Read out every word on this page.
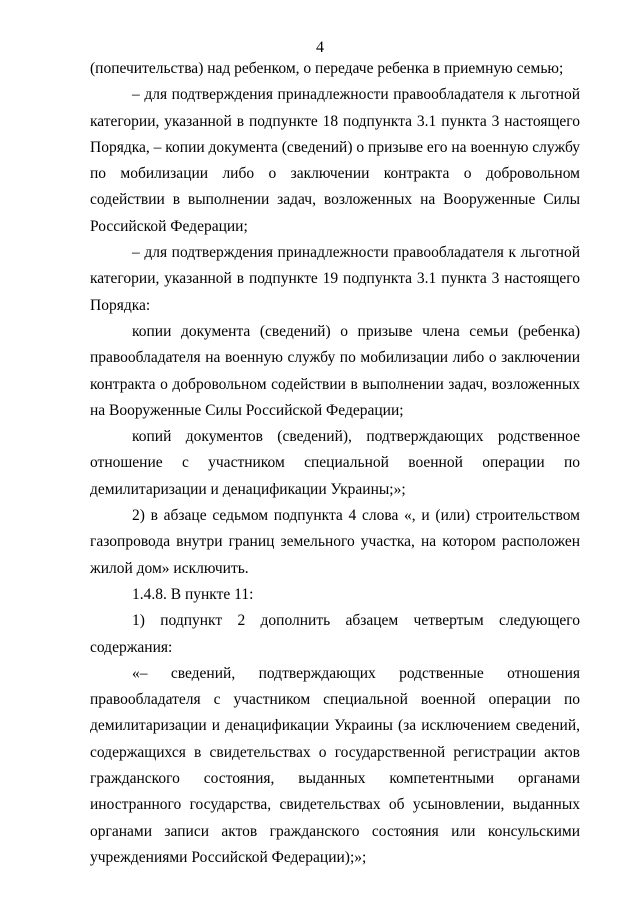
4

(попечительства) над ребенком, о передаче ребенка в приемную семью;

– для подтверждения принадлежности правообладателя к льготной категории, указанной в подпункте 18 подпункта 3.1 пункта 3 настоящего Порядка, – копии документа (сведений) о призыве его на военную службу по мобилизации либо о заключении контракта о добровольном содействии в выполнении задач, возложенных на Вооруженные Силы Российской Федерации;

– для подтверждения принадлежности правообладателя к льготной категории, указанной в подпункте 19 подпункта 3.1 пункта 3 настоящего Порядка:

копии документа (сведений) о призыве члена семьи (ребенка) правообладателя на военную службу по мобилизации либо о заключении контракта о добровольном содействии в выполнении задач, возложенных на Вооруженные Силы Российской Федерации;

копий документов (сведений), подтверждающих родственное отношение с участником специальной военной операции по демилитаризации и денацификации Украины;»;

2) в абзаце седьмом подпункта 4 слова «, и (или) строительством газопровода внутри границ земельного участка, на котором расположен жилой дом» исключить.

1.4.8. В пункте 11:

1) подпункт 2 дополнить абзацем четвертым следующего содержания:

«– сведений, подтверждающих родственные отношения правообладателя с участником специальной военной операции по демилитаризации и денацификации Украины (за исключением сведений, содержащихся в свидетельствах о государственной регистрации актов гражданского состояния, выданных компетентными органами иностранного государства, свидетельствах об усыновлении, выданных органами записи актов гражданского состояния или консульскими учреждениями Российской Федерации);»;
